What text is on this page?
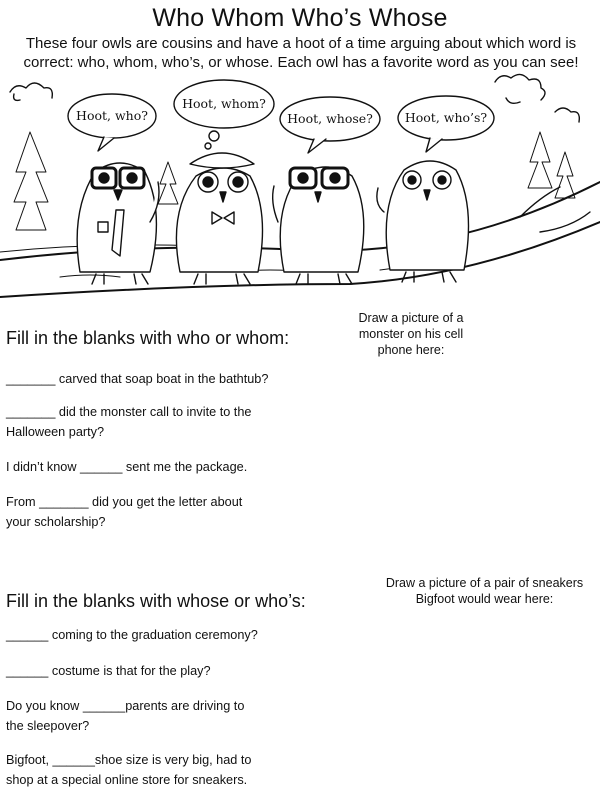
Who Whom Who’s Whose
These four owls are cousins and have a hoot of a time arguing about which word is correct: who, whom, who’s, or whose. Each owl has a favorite word as you can see!
Hoot, who?
Hoot, whom?
Hoot, whose?	Hoot, who’s?
Fill in the blanks with who or whom:
_______ carved that soap boat in the bathtub?
_______ did the monster call to invite to the
Halloween party?
I didn’t know ______ sent me the package.
From _______ did you get the letter about
your scholarship?
Draw a picture of a
monster on his cell
phone here:
Fill in the blanks with whose or who’s:
______ coming to the graduation ceremony?
______ costume is that for the play?
Do you know ______parents are driving to
the sleepover?
Bigfoot, ______shoe size is very big, had to
shop at a special online store for sneakers.
Draw a picture of a pair of sneakers
Bigfoot would wear here:
